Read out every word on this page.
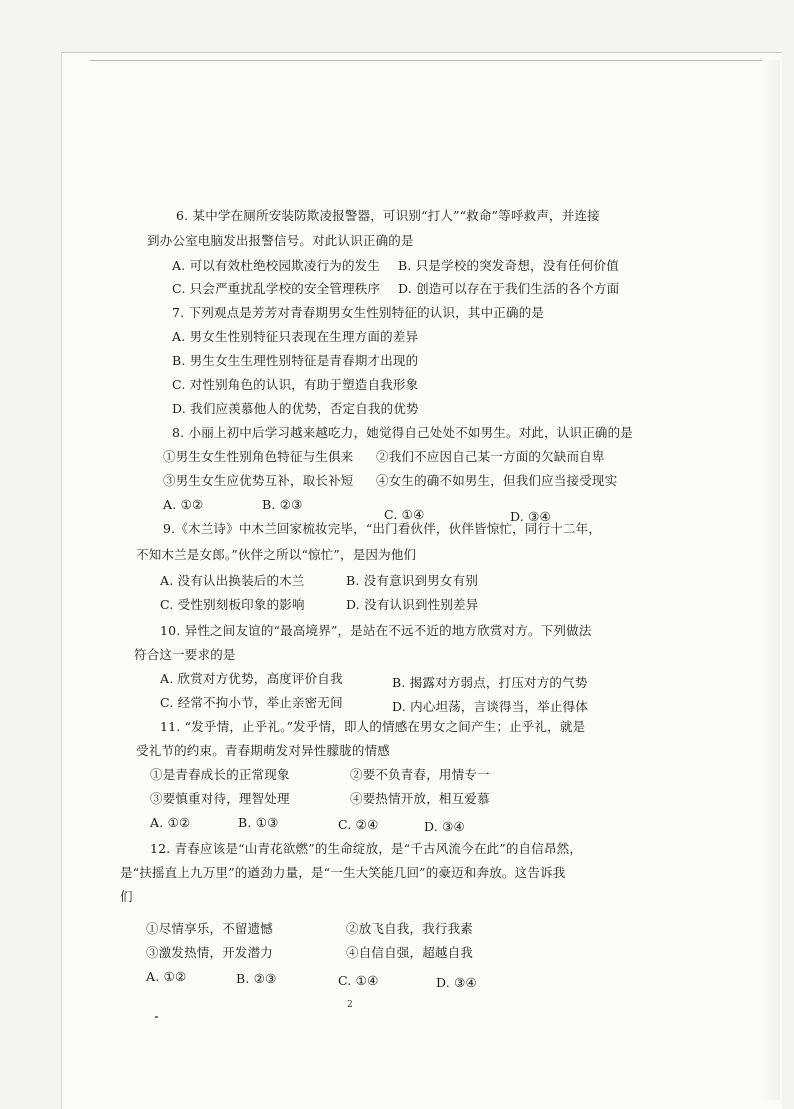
6. 某中学在厕所安装防欺凌报警器，可识别“打人”“救命”等呼救声，并连接
到办公室电脑发出报警信号。对此认识正确的是
A. 可以有效杜绝校园欺凌行为的发生 B. 只是学校的突发奇想，没有任何价值
C. 只会严重扰乱学校的安全管理秩序 D. 创造可以存在于我们生活的各个方面
7. 下列观点是芳芳对青春期男女生性别特征的认识，其中正确的是
A. 男女生性别特征只表现在生理方面的差异
B. 男生女生生理性别特征是青春期才出现的
C. 对性别角色的认识，有助于塑造自我形象
D. 我们应羡慕他人的优势，否定自我的优势
8. 小丽上初中后学习越来越吃力，她觉得自己处处不如男生。对此，认识正确的是
①男生女生性别角色特征与生俱来 ②我们不应因自己某一方面的欠缺而自卑
③男生女生应优势互补，取长补短 ④女生的确不如男生，但我们应当接受现实
A. ①②	B. ②③
C. ①④	D. ③④
9.《木兰诗》中木兰回家梳妆完毕，“出门看伙伴，伙伴皆惊忙，同行十二年，
不知木兰是女郎。”伙伴之所以“惊忙”，是因为他们
A. 没有认出换装后的木兰	B. 没有意识到男女有别
C. 受性别刻板印象的影响	D. 没有认识到性别差异
10. 异性之间友谊的“最高境界”，是站在不远不近的地方欣赏对方。下列做法
符合这一要求的是
A. 欣赏对方优势，高度评价自我	B. 揭露对方弱点，打压对方的气势
C. 经常不拘小节，举止亲密无间	D. 内心坦荡，言谈得当，举止得体
11. “发乎情，止乎礼。”发乎情，即人的情感在男女之间产生；止乎礼，就是
受礼节的约束。青春期萌发对异性朦胧的情感
①是青春成长的正常现象	②要不负青春，用情专一
③要慎重对待，理智处理	④要热情开放，相互爱慕
A. ①②	B. ①③	C. ②④	D. ③④
12. 青春应该是“山青花欲燃”的生命绽放，是“千古风流今在此”的自信昂然，
是“扶摇直上九万里”的遒劲力量，是“一生大笑能几回”的豪迈和奔放。这告诉我
们
①尽情享乐，不留遗憾	②放飞自我，我行我素
③激发热情，开发潜力	④自信自强，超越自我
A. ①②	B. ②③	C. ①④	D. ③④
2
